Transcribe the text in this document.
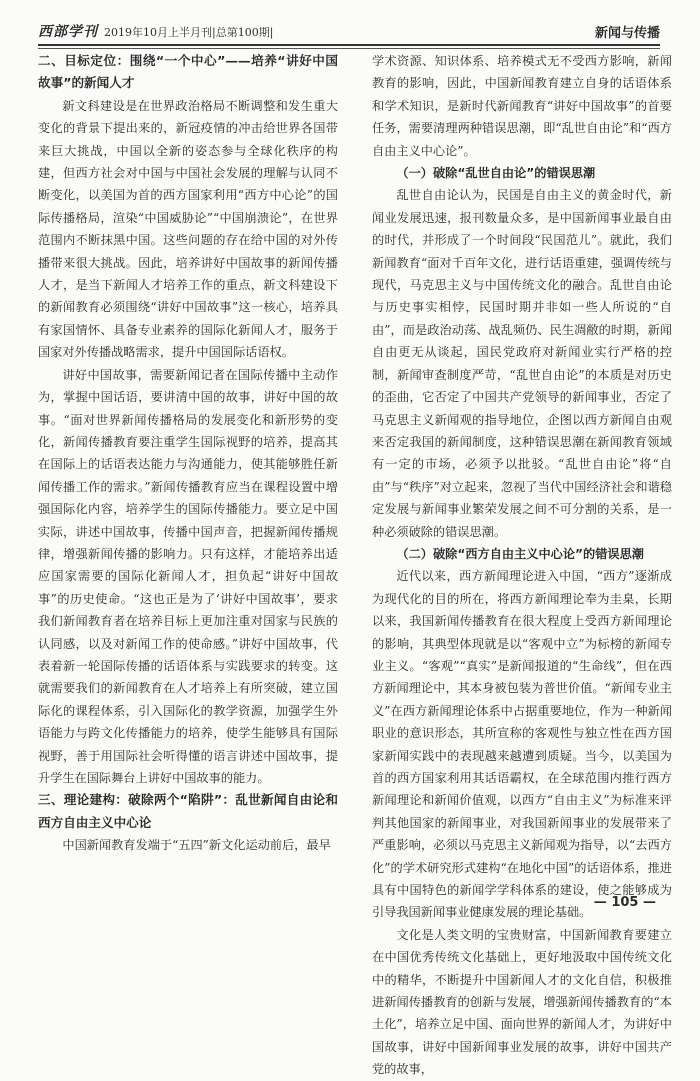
西部学刊 2019年10月上半月刊|总第100期|	新闻与传播
二、目标定位：围绕“一个中心”——培养“讲好中国故事”的新闻人才

新文科建设是在世界政治格局不断调整和发生重大变化的背景下提出来的，新冠疫情的冲击给世界各国带来巨大挑战，中国以全新的姿态参与全球化秩序的构建，但西方社会对中国与中国社会发展的理解与认同不断变化，以美国为首的西方国家利用“西方中心论”的国际传播格局，渲染“中国威胁论”“中国崩溃论”，在世界范围内不断抹黑中国。这些问题的存在给中国的对外传播带来很大挑战。因此，培养讲好中国故事的新闻传播人才，是当下新闻人才培养工作的重点，新文科建设下的新闻教育必须围绕“讲好中国故事”这一核心，培养具有家国情怀、具备专业素养的国际化新闻人才，服务于国家对外传播战略需求，提升中国国际话语权。

讲好中国故事，需要新闻记者在国际传播中主动作为，掌握中国话语，要讲清中国的故事，讲好中国的故事。“面对世界新闻传播格局的发展变化和新形势的变化，新闻传播教育要注重学生国际视野的培养，提高其在国际上的话语表达能力与沟通能力，使其能够胜任新闻传播工作的需求。”新闻传播教育应当在课程设置中增强国际化内容，培养学生的国际传播能力。要立足中国实际，讲述中国故事，传播中国声音，把握新闻传播规律，增强新闻传播的影响力。只有这样，才能培养出适应国家需要的国际化新闻人才，担负起“讲好中国故事”的历史使命。“这也正是为了‘讲好中国故事’，要求我们新闻教育者在培养目标上更加注重对国家与民族的认同感，以及对新闻工作的使命感。”讲好中国故事，代表着新一轮国际传播的话语体系与实践要求的转变。这就需要我们的新闻教育在人才培养上有所突破，建立国际化的课程体系，引入国际化的教学资源，加强学生外语能力与跨文化传播能力的培养，使学生能够具有国际视野，善于用国际社会听得懂的语言讲述中国故事，提升学生在国际舞台上讲好中国故事的能力。

三、理论建构：破除两个“陷阱”：乱世新闻自由论和西方自由主义中心论

中国新闻教育发端于“五四”新文化运动前后，最早

学术资源、知识体系、培养模式无不受西方影响，新闻教育的影响，因此，中国新闻教育建立自身的话语体系和学术知识，是新时代新闻教育“讲好中国故事”的首要任务，需要清理两种错误思潮，即“乱世自由论”和“西方自由主义中心论”。

（一）破除“乱世自由论”的错误思潮

乱世自由论认为，民国是自由主义的黄金时代，新闻业发展迅速，报刊数量众多，是中国新闻事业最自由的时代，并形成了一个时间段“民国范儿”。就此，我们新闻教育“面对千百年文化，进行话语重建，强调传统与现代，马克思主义与中国传统文化的融合。乱世自由论与历史事实相悖，民国时期并非如一些人所说的“自由”，而是政治动荡、战乱频仍、民生凋敝的时期，新闻自由更无从谈起，国民党政府对新闻业实行严格的控制，新闻审查制度严苛，“乱世自由论”的本质是对历史的歪曲，它否定了中国共产党领导的新闻事业，否定了马克思主义新闻观的指导地位，企图以西方新闻自由观来否定我国的新闻制度，这种错误思潮在新闻教育领域有一定的市场，必须予以批驳。“乱世自由论”将“自由”与“秩序”对立起来，忽视了当代中国经济社会和谐稳定发展与新闻事业繁荣发展之间不可分割的关系，是一种必须破除的错误思潮。

（二）破除“西方自由主义中心论”的错误思潮

近代以来，西方新闻理论进入中国，“西方”逐渐成为现代化的目的所在，将西方新闻理论奉为圭臬，长期以来，我国新闻传播教育在很大程度上受西方新闻理论的影响，其典型体现就是以“客观中立”为标榜的新闻专业主义。“客观”“真实”是新闻报道的“生命线”，但在西方新闻理论中，其本身被包装为普世价值。“新闻专业主义”在西方新闻理论体系中占据重要地位，作为一种新闻职业的意识形态，其所宣称的客观性与独立性在西方国家新闻实践中的表现越来越遭到质疑。当今，以美国为首的西方国家利用其话语霸权，在全球范围内推行西方新闻理论和新闻价值观，以西方“自由主义”为标准来评判其他国家的新闻事业，对我国新闻事业的发展带来了严重影响，必须以马克思主义新闻观为指导，以“去西方化”的学术研究形式建构“在地化中国”的话语体系，推进具有中国特色的新闻学学科体系的建设，使之能够成为引导我国新闻事业健康发展的理论基础。

文化是人类文明的宝贵财富，中国新闻教育要建立在中国优秀传统文化基础上，更好地汲取中国传统文化中的精华，不断提升中国新闻人才的文化自信，积极推进新闻传播教育的创新与发展，增强新闻传播教育的“本土化”，培养立足中国、面向世界的新闻人才，为讲好中国故事，讲好中国新闻事业发展的故事，讲好中国共产党的故事，

— 105 —
